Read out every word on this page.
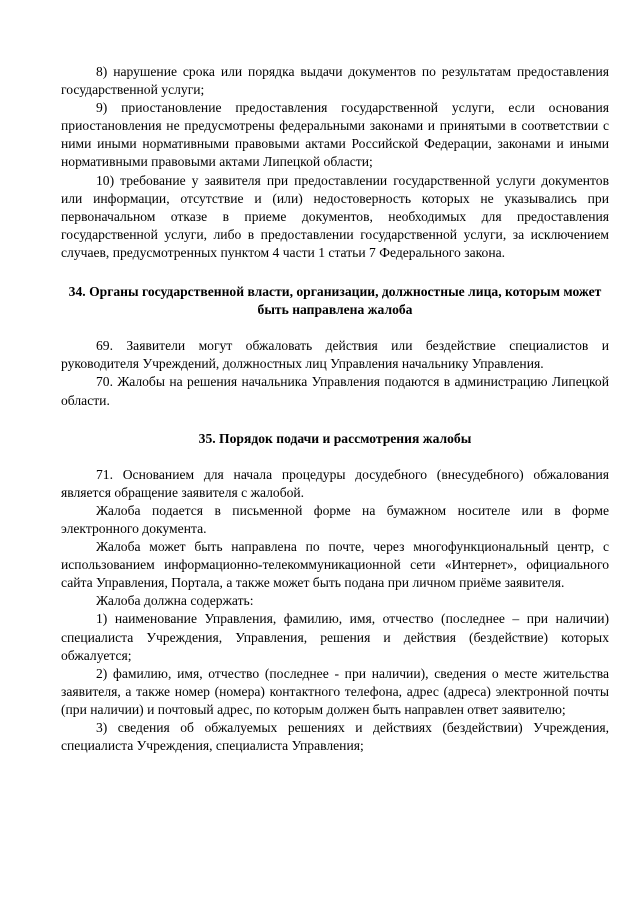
8) нарушение срока или порядка выдачи документов по результатам предоставления государственной услуги;

9) приостановление предоставления государственной услуги, если основания приостановления не предусмотрены федеральными законами и принятыми в соответствии с ними иными нормативными правовыми актами Российской Федерации, законами и иными нормативными правовыми актами Липецкой области;

10) требование у заявителя при предоставлении государственной услуги документов или информации, отсутствие и (или) недостоверность которых не указывались при первоначальном отказе в приеме документов, необходимых для предоставления государственной услуги, либо в предоставлении государственной услуги, за исключением случаев, предусмотренных пунктом 4 части 1 статьи 7 Федерального закона.

34. Органы государственной власти, организации, должностные лица, которым может быть направлена жалоба

69. Заявители могут обжаловать действия или бездействие специалистов и руководителя Учреждений, должностных лиц Управления начальнику Управления.

70. Жалобы на решения начальника Управления подаются в администрацию Липецкой области.

35. Порядок подачи и рассмотрения жалобы

71. Основанием для начала процедуры досудебного (внесудебного) обжалования является обращение заявителя с жалобой.

Жалоба подается в письменной форме на бумажном носителе или в форме электронного документа.

Жалоба может быть направлена по почте, через многофункциональный центр, с использованием информационно-телекоммуникационной сети «Интернет», официального сайта Управления, Портала, а также может быть подана при личном приёме заявителя.

Жалоба должна содержать:

1) наименование Управления, фамилию, имя, отчество (последнее – при наличии) специалиста Учреждения, Управления, решения и действия (бездействие) которых обжалуется;

2) фамилию, имя, отчество (последнее - при наличии), сведения о месте жительства заявителя, а также номер (номера) контактного телефона, адрес (адреса) электронной почты (при наличии) и почтовый адрес, по которым должен быть направлен ответ заявителю;

3) сведения об обжалуемых решениях и действиях (бездействии) Учреждения, специалиста Учреждения, специалиста Управления;
